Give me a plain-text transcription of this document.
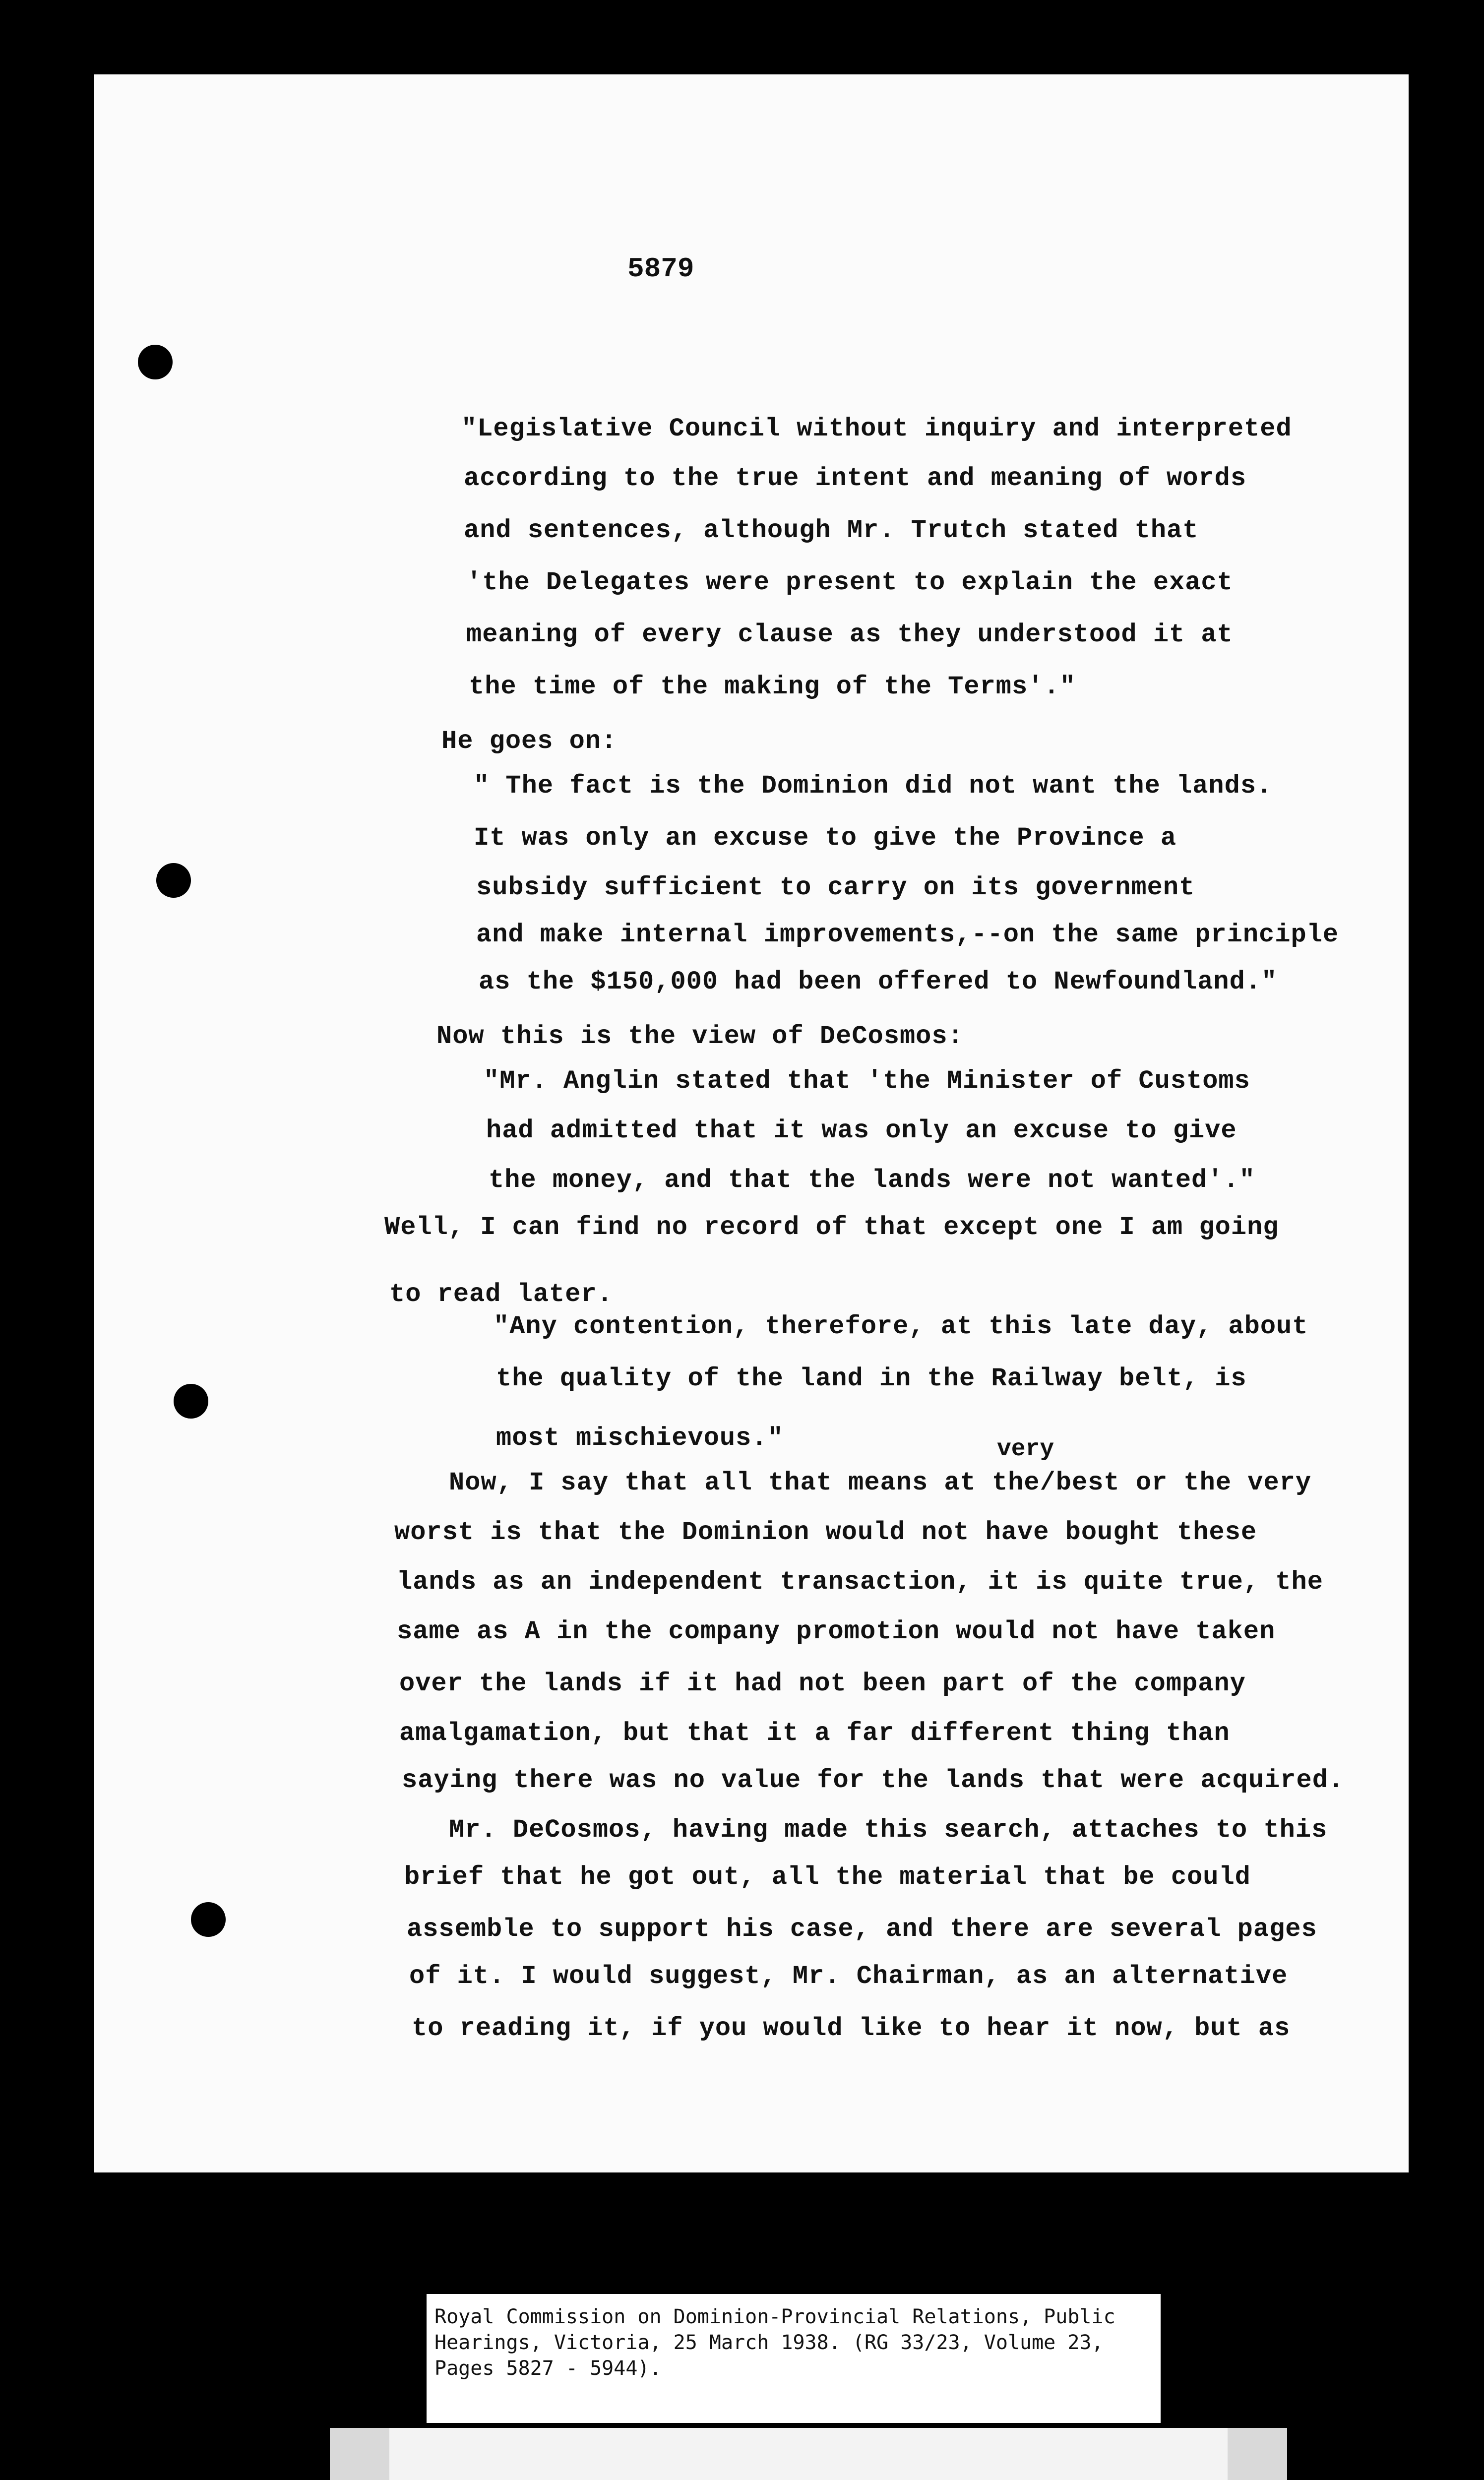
5879
"Legislative Council without inquiry and interpreted
according to the true intent and meaning of words
and sentences, although Mr. Trutch stated that
'the Delegates were present to explain the exact
meaning of every clause as they understood it at
the time of the making of the Terms'."
He goes on:
" The fact is the Dominion did not want the lands.
It was only an excuse to give the Province a
subsidy sufficient to carry on its government
and make internal improvements,--on the same principle
as the $150,000 had been offered to Newfoundland."
Now this is the view of DeCosmos:
"Mr. Anglin stated that 'the Minister of Customs
had admitted that it was only an excuse to give
the money, and that the lands were not wanted'."
Well, I can find no record of that except one I am going
to read later.
"Any contention, therefore, at this late day, about
the quality of the land in the Railway belt, is
most mischievous."	very
Now, I say that all that means at the/best or the very
worst is that the Dominion would not have bought these
lands as an independent transaction, it is quite true, the
same as A in the company promotion would not have taken
over the lands if it had not been part of the company
amalgamation, but that it a far different thing than
saying there was no value for the lands that were acquired.
Mr. DeCosmos, having made this search, attaches to this
brief that he got out, all the material that be could
assemble to support his case, and there are several pages
of it. I would suggest, Mr. Chairman, as an alternative
to reading it, if you would like to hear it now, but as
Royal Commission on Dominion-Provincial Relations, Public
Hearings, Victoria, 25 March 1938. (RG 33/23, Volume 23,
Pages 5827 - 5944).
